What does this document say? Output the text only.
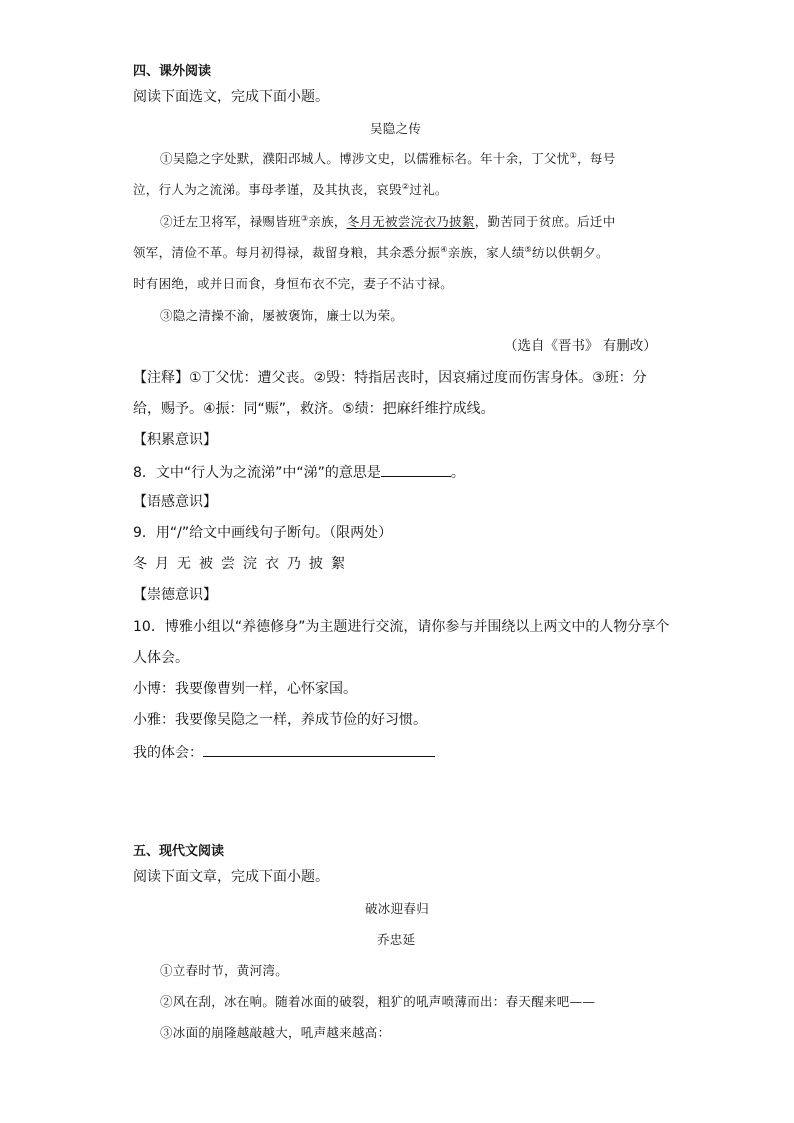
四、课外阅读
阅读下面选文，完成下面小题。
吴隐之传
①吴隐之字处默，濮阳邔城人。博涉文史，以儒雅标名。年十余，丁父忧①，每号
泣，行人为之流涕。事母孝谨，及其执丧，哀毁②过礼。
②迁左卫将军，禄赐皆班③亲族，冬月无被尝浣衣乃披絮，勤苦同于贫庶。后迁中
领军，清俭不革。每月初得禄，裁留身粮，其余悉分振④亲族，家人绩⑤纺以供朝夕。
时有困绝，或并日而食，身恒布衣不完，妻子不沾寸禄。
③隐之清操不渝，屡被褒饰，廉士以为荣。
（选自《晋书》 有删改）
【注释】①丁父忧：遭父丧。②毁：特指居丧时，因哀痛过度而伤害身体。③班：分
给，赐予。④振：同“赈”，救济。⑤绩：把麻纤维拧成线。
【积累意识】
8．文中“行人为之流涕”中“涕”的意思是	。
【语感意识】
9．用“/”给文中画线句子断句。（限两处）
冬月无被尝浣衣乃披絮
【崇德意识】
10．博雅小组以“养德修身”为主题进行交流，请你参与并围绕以上两文中的人物分享个
人体会。
小博：我要像曹刿一样，心怀家国。
小雅：我要像吴隐之一样，养成节俭的好习惯。
我的体会：
五、现代文阅读
阅读下面文章，完成下面小题。
破冰迎春归
乔忠延
①立春时节，黄河湾。
②风在刮，冰在响。随着冰面的破裂，粗犷的吼声喷薄而出：春天醒来吧——
③冰面的崩隆越敲越大，吼声越来越高：
